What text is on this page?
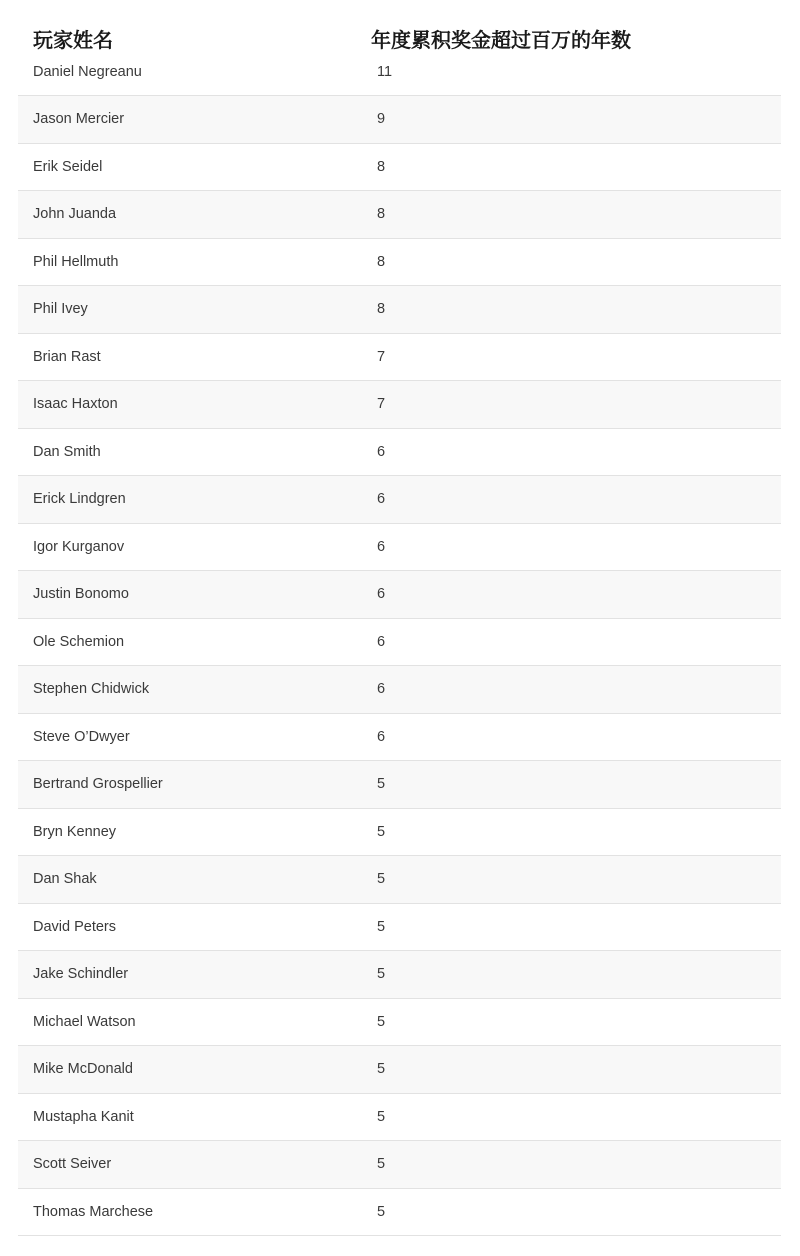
玩家姓名	年度累积奖金超过百万的年数
Daniel Negreanu	11
Jason Mercier	9
Erik Seidel	8
John Juanda	8
Phil Hellmuth	8
Phil Ivey	8
Brian Rast	7
Isaac Haxton	7
Dan Smith	6
Erick Lindgren	6
Igor Kurganov	6
Justin Bonomo	6
Ole Schemion	6
Stephen Chidwick	6
Steve O’Dwyer	6
Bertrand Grospellier	5
Bryn Kenney	5
Dan Shak	5
David Peters	5
Jake Schindler	5
Michael Watson	5
Mike McDonald	5
Mustapha Kanit	5
Scott Seiver	5
Thomas Marchese	5
